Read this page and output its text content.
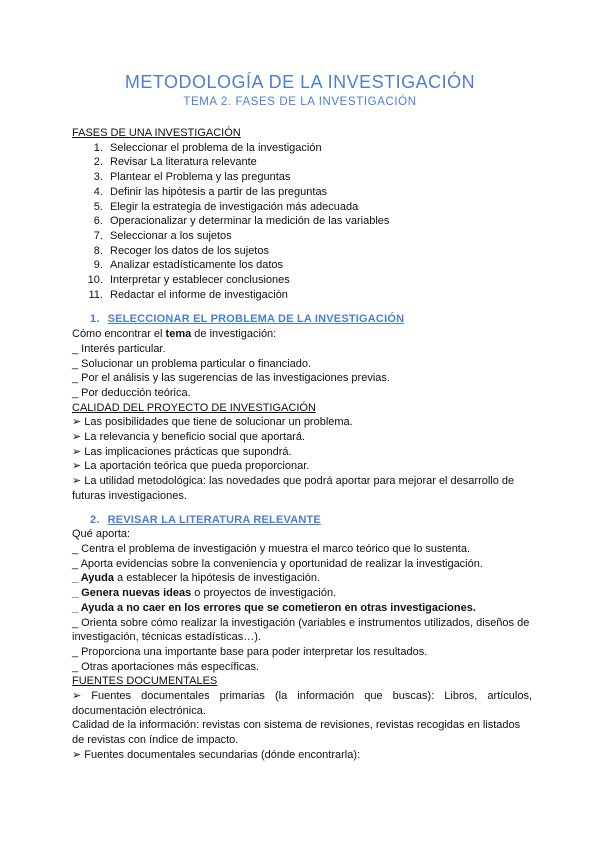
METODOLOGÍA DE LA INVESTIGACIÓN
TEMA 2. FASES DE LA INVESTIGACIÓN

FASES DE UNA INVESTIGACIÓN

1. Seleccionar el problema de la investigación
2. Revisar La literatura relevante
3. Plantear el Problema y las preguntas
4. Definir las hipótesis a partir de las preguntas
5. Elegir la estrategia de investigación más adecuada
6. Operacionalizar y determinar la medición de las variables
7. Seleccionar a los sujetos
8. Recoger los datos de los sujetos
9. Analizar estadísticamente los datos
10. Interpretar y establecer conclusiones
11. Redactar el informe de investigación

1. SELECCIONAR EL PROBLEMA DE LA INVESTIGACIÓN

Cómo encontrar el tema de investigación:

_ Interés particular.

_ Solucionar un problema particular o financiado.

_ Por el análisis y las sugerencias de las investigaciones previas.

_ Por deducción teórica.

CALIDAD DEL PROYECTO DE INVESTIGACIÓN

➢ Las posibilidades que tiene de solucionar un problema.

➢ La relevancia y beneficio social que aportará.

➢ Las implicaciones prácticas que supondrá.

➢ La aportación teórica que pueda proporcionar.

➢ La utilidad metodológica: las novedades que podrá aportar para mejorar el desarrollo de futuras investigaciones.

2. REVISAR LA LITERATURA RELEVANTE

Qué aporta:

_ Centra el problema de investigación y muestra el marco teórico que lo sustenta.

_ Aporta evidencias sobre la conveniencia y oportunidad de realizar la investigación.

_ Ayuda a establecer la hipótesis de investigación.

_ Genera nuevas ideas o proyectos de investigación.

_ Ayuda a no caer en los errores que se cometieron en otras investigaciones.

_ Orienta sobre cómo realizar la investigación (variables e instrumentos utilizados, diseños de investigación, técnicas estadísticas…).

_ Proporciona una importante base para poder interpretar los resultados.

_ Otras aportaciones más específicas.

FUENTES DOCUMENTALES

➢ Fuentes documentales primarias (la información que buscas): Libros, artículos, documentación electrónica.

Calidad de la información: revistas con sistema de revisiones, revistas recogidas en listados de revistas con índice de impacto.

➢ Fuentes documentales secundarias (dónde encontrarla):
